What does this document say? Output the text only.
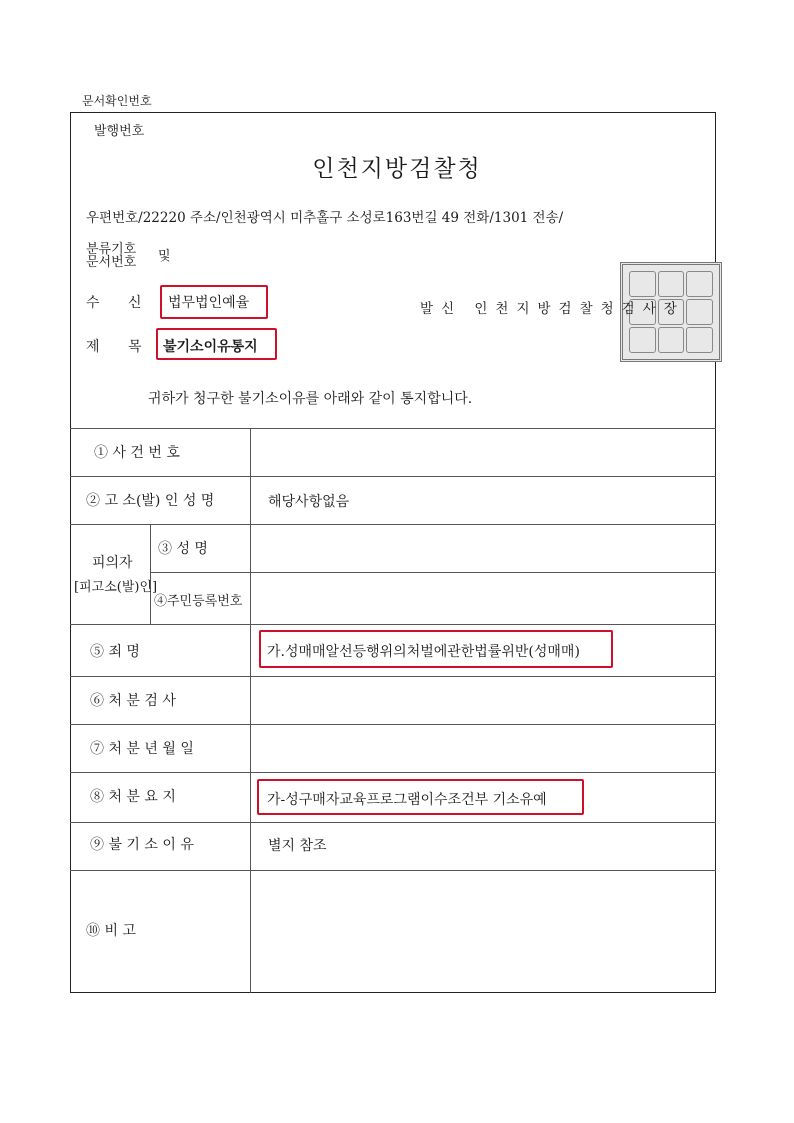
문서확인번호
발행번호
인천지방검찰청
우편번호/22220 주소/인천광역시 미추홀구 소성로163번길 49 전화/1301 전송/
분류기호
문서번호 및
수 신 법무법인예율
제 목 불기소이유통지
발신 인천지방검찰청검사장
귀하가 청구한 불기소이유를 아래와 같이 통지합니다.
① 사 건 번 호
② 고 소(발) 인 성 명
피의자
[피고소(발)인]
③ 성 명
④주민등록번호
⑤ 죄 명
⑥ 처 분 검 사
⑦ 처 분 년 월 일
⑧ 처 분 요 지
⑨ 불 기 소 이 유
⑩ 비 고
해당사항없음
가.성매매알선등행위의처벌에관한법률위반(성매매)
가-성구매자교육프로그램이수조건부 기소유예
별지 참조
